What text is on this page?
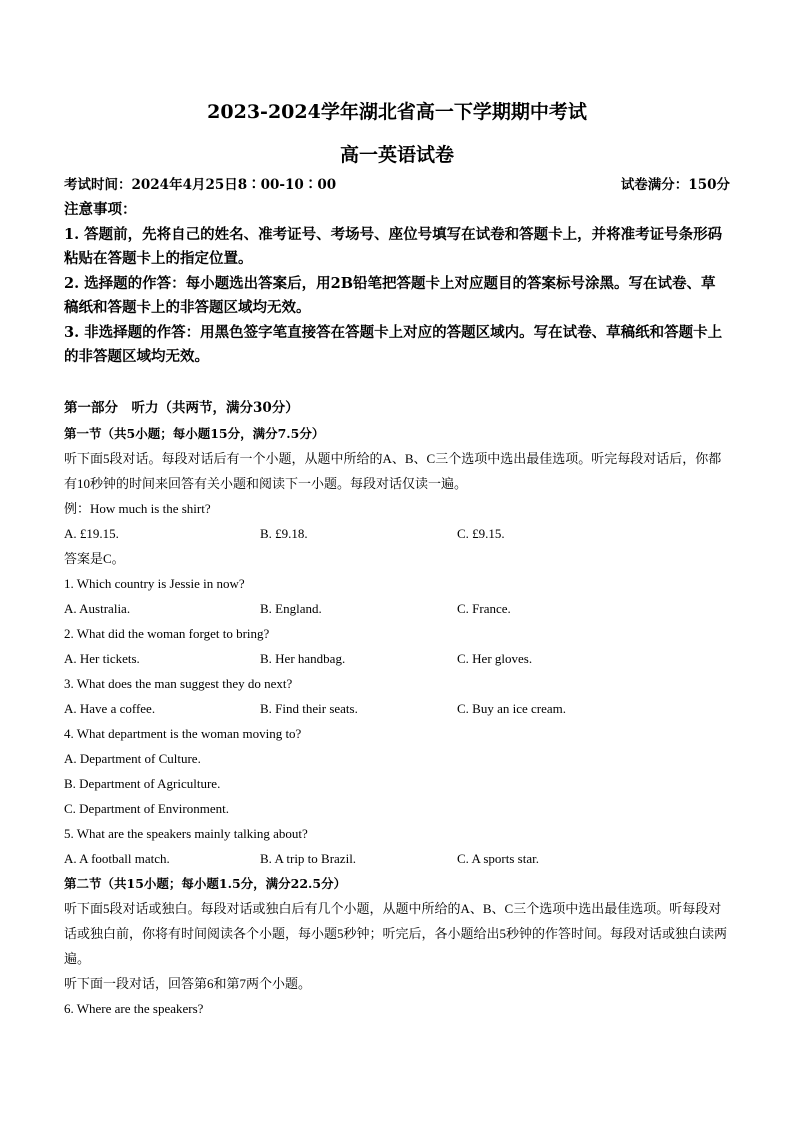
2023-2024学年湖北省高一下学期期中考试
高一英语试卷
考试时间：2024年4月25日8∶00-10∶00	试卷满分：150分

注意事项：

1. 答题前，先将自己的姓名、准考证号、考场号、座位号填写在试卷和答题卡上，并将准考证号条形码粘贴在答题卡上的指定位置。

2. 选择题的作答：每小题选出答案后，用2B铅笔把答题卡上对应题目的答案标号涂黑。写在试卷、草稿纸和答题卡上的非答题区域均无效。

3. 非选择题的作答：用黑色签字笔直接答在答题卡上对应的答题区域内。写在试卷、草稿纸和答题卡上的非答题区域均无效。

第一部分　听力（共两节，满分30分）
第一节（共5小题；每小题15分，满分7.5分）
听下面5段对话。每段对话后有一个小题，从题中所给的A、B、C三个选项中选出最佳选项。听完每段对话后，你都有10秒钟的时间来回答有关小题和阅读下一小题。每段对话仅读一遍。
例：How much is the shirt?
A. £19.15.	B. £9.18.	C. £9.15.
答案是C。
1. Which country is Jessie in now?
A. Australia.	B. England.	C. France.
2. What did the woman forget to bring?
A. Her tickets.	B. Her handbag.	C. Her gloves.
3. What does the man suggest they do next?
A. Have a coffee.	B. Find their seats.	C. Buy an ice cream.
4. What department is the woman moving to?
A. Department of Culture.
B. Department of Agriculture.
C. Department of Environment.
5. What are the speakers mainly talking about?
A. A football match.	B. A trip to Brazil.	C. A sports star.
第二节（共15小题；每小题1.5分，满分22.5分）
听下面5段对话或独白。每段对话或独白后有几个小题，从题中所给的A、B、C三个选项中选出最佳选项。听每段对话或独白前，你将有时间阅读各个小题，每小题5秒钟；听完后，各小题给出5秒钟的作答时间。每段对话或独白读两遍。
听下面一段对话，回答第6和第7两个小题。
6. Where are the speakers?
